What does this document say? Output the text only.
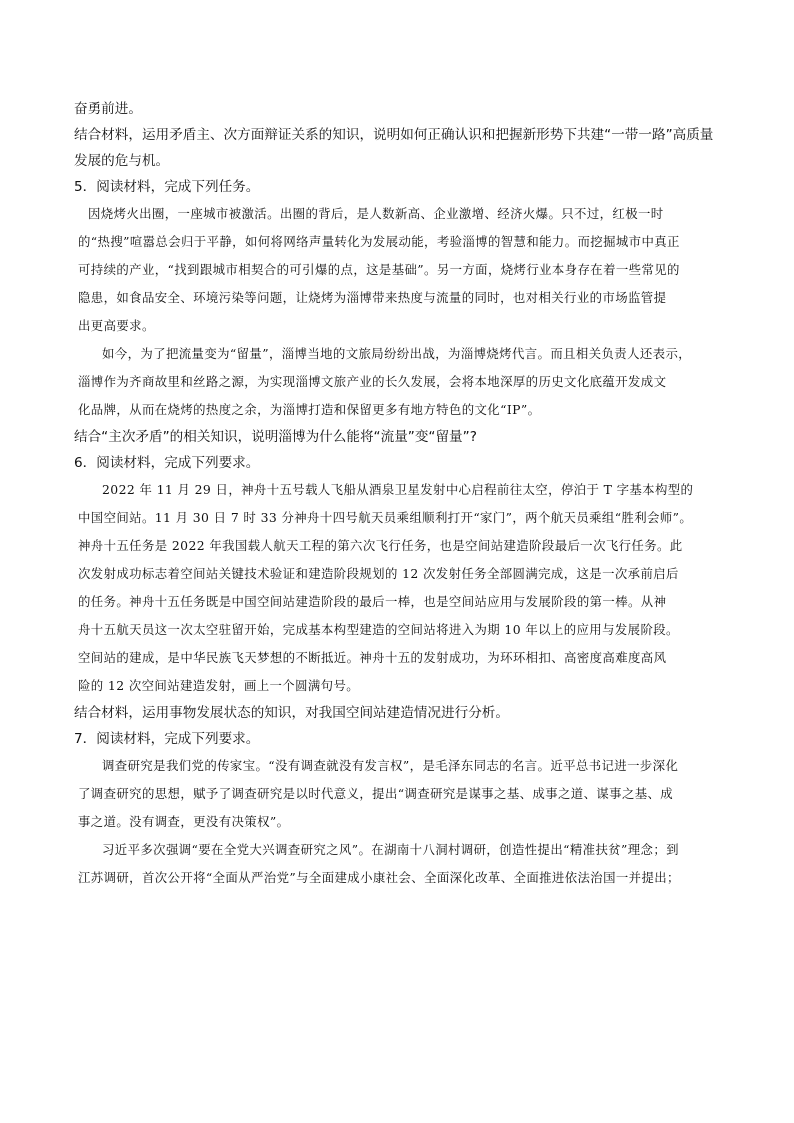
奋勇前进。

结合材料，运用矛盾主、次方面辩证关系的知识，说明如何正确认识和把握新形势下共建“一带一路”高质量

发展的危与机。

5．阅读材料，完成下列任务。

因烧烤火出圈，一座城市被激活。出圈的背后，是人数新高、企业激增、经济火爆。只不过，红极一时

的“热搜”喧嚣总会归于平静，如何将网络声量转化为发展动能，考验淄博的智慧和能力。而挖掘城市中真正

可持续的产业，“找到跟城市相契合的可引爆的点，这是基础”。另一方面，烧烤行业本身存在着一些常见的

隐患，如食品安全、环境污染等问题，让烧烤为淄博带来热度与流量的同时，也对相关行业的市场监管提

出更高要求。

如今，为了把流量变为“留量”，淄博当地的文旅局纷纷出战，为淄博烧烤代言。而且相关负责人还表示，

淄博作为齐商故里和丝路之源，为实现淄博文旅产业的长久发展，会将本地深厚的历史文化底蕴开发成文

化品牌，从而在烧烤的热度之余，为淄博打造和保留更多有地方特色的文化“IP”。

结合“主次矛盾”的相关知识，说明淄博为什么能将“流量”变“留量”?

6．阅读材料，完成下列要求。

2022 年 11 月 29 日，神舟十五号载人飞船从酒泉卫星发射中心启程前往太空，停泊于 T 字基本构型的

中国空间站。11 月 30 日 7 时 33 分神舟十四号航天员乘组顺利打开“家门”，两个航天员乘组“胜利会师”。

神舟十五任务是 2022 年我国载人航天工程的第六次飞行任务，也是空间站建造阶段最后一次飞行任务。此

次发射成功标志着空间站关键技术验证和建造阶段规划的 12 次发射任务全部圆满完成，这是一次承前启后

的任务。神舟十五任务既是中国空间站建造阶段的最后一棒，也是空间站应用与发展阶段的第一棒。从神

舟十五航天员这一次太空驻留开始，完成基本构型建造的空间站将进入为期 10 年以上的应用与发展阶段。

空间站的建成，是中华民族飞天梦想的不断抵近。神舟十五的发射成功，为环环相扣、高密度高难度高风

险的 12 次空间站建造发射，画上一个圆满句号。

结合材料，运用事物发展状态的知识，对我国空间站建造情况进行分析。

7．阅读材料，完成下列要求。

调查研究是我们党的传家宝。“没有调查就没有发言权”，是毛泽东同志的名言。近平总书记进一步深化

了调查研究的思想，赋予了调查研究是以时代意义，提出“调查研究是谋事之基、成事之道、谋事之基、成

事之道。没有调查，更没有决策权”。

习近平多次强调“要在全党大兴调查研究之风”。在湖南十八洞村调研，创造性提出“精准扶贫”理念；到

江苏调研，首次公开将“全面从严治党”与全面建成小康社会、全面深化改革、全面推进依法治国一并提出；
